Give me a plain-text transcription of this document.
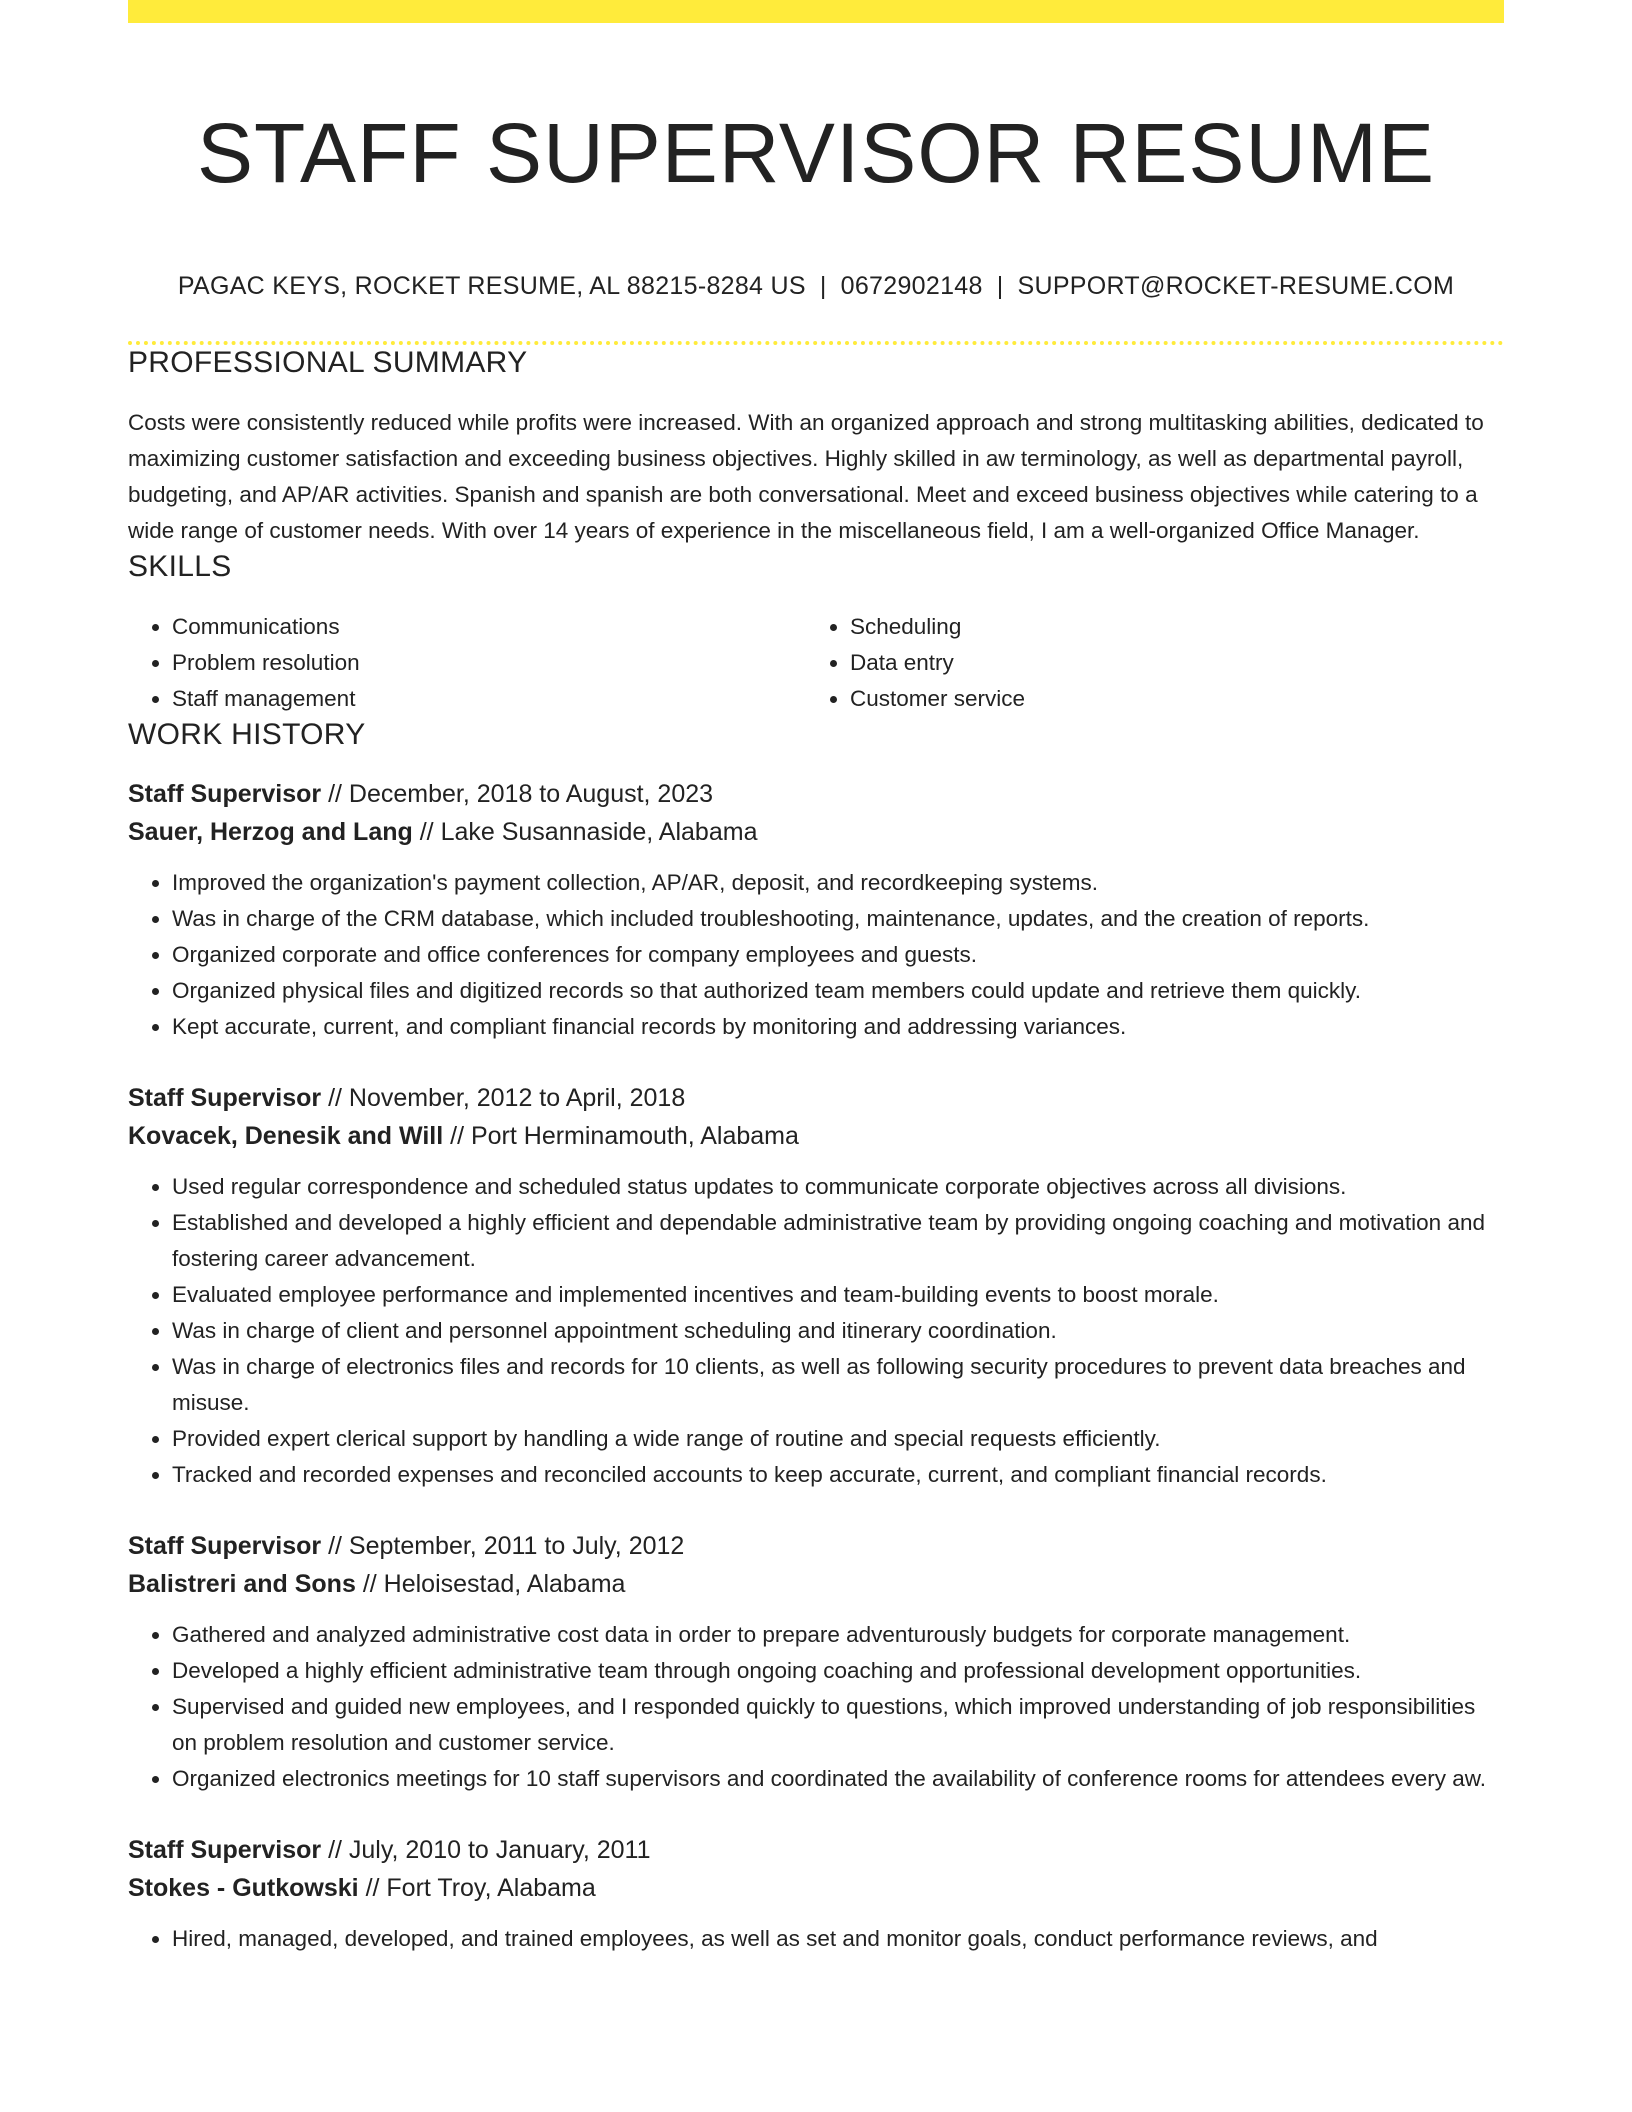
STAFF SUPERVISOR RESUME
PAGAC KEYS, ROCKET RESUME, AL 88215-8284 US | 0672902148 | SUPPORT@ROCKET-RESUME.COM
PROFESSIONAL SUMMARY

Costs were consistently reduced while profits were increased. With an organized approach and strong multitasking abilities, dedicated to maximizing customer satisfaction and exceeding business objectives. Highly skilled in aw terminology, as well as departmental payroll, budgeting, and AP/AR activities. Spanish and spanish are both conversational. Meet and exceed business objectives while catering to a wide range of customer needs. With over 14 years of experience in the miscellaneous field, I am a well-organized Office Manager.

SKILLS
• Communications
• Problem resolution
• Staff management
• Scheduling
• Data entry
• Customer service
WORK HISTORY
Staff Supervisor // December, 2018 to August, 2023
Sauer, Herzog and Lang // Lake Susannaside, Alabama
• Improved the organization's payment collection, AP/AR, deposit, and recordkeeping systems.
• Was in charge of the CRM database, which included troubleshooting, maintenance, updates, and the creation of reports.
• Organized corporate and office conferences for company employees and guests.
• Organized physical files and digitized records so that authorized team members could update and retrieve them quickly.
• Kept accurate, current, and compliant financial records by monitoring and addressing variances.
Staff Supervisor // November, 2012 to April, 2018
Kovacek, Denesik and Will // Port Herminamouth, Alabama
• Used regular correspondence and scheduled status updates to communicate corporate objectives across all divisions.
• Established and developed a highly efficient and dependable administrative team by providing ongoing coaching and motivation and fostering career advancement.
• Evaluated employee performance and implemented incentives and team-building events to boost morale.
• Was in charge of client and personnel appointment scheduling and itinerary coordination.
• Was in charge of electronics files and records for 10 clients, as well as following security procedures to prevent data breaches and misuse.
• Provided expert clerical support by handling a wide range of routine and special requests efficiently.
• Tracked and recorded expenses and reconciled accounts to keep accurate, current, and compliant financial records.
Staff Supervisor // September, 2011 to July, 2012
Balistreri and Sons // Heloisestad, Alabama
• Gathered and analyzed administrative cost data in order to prepare adventurously budgets for corporate management.
• Developed a highly efficient administrative team through ongoing coaching and professional development opportunities.
• Supervised and guided new employees, and I responded quickly to questions, which improved understanding of job responsibilities on problem resolution and customer service.
• Organized electronics meetings for 10 staff supervisors and coordinated the availability of conference rooms for attendees every aw.
Staff Supervisor // July, 2010 to January, 2011
Stokes - Gutkowski // Fort Troy, Alabama
• Hired, managed, developed, and trained employees, as well as set and monitor goals, conduct performance reviews, and
